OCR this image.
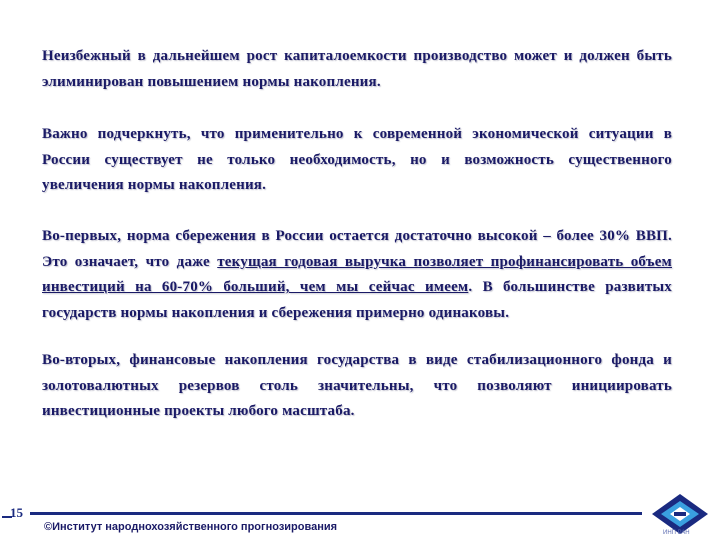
Неизбежный в дальнейшем рост капиталоемкости производство может и должен быть элиминирован повышением нормы накопления.
Важно подчеркнуть, что применительно к современной экономической ситуации в России существует не только необходимость, но и возможность существенного увеличения нормы накопления.
Во-первых, норма сбережения в России остается достаточно высокой – более 30% ВВП. Это означает, что даже текущая годовая выручка позволяет профинансировать объем инвестиций на 60-70% больший, чем мы сейчас имеем. В большинстве развитых государств нормы накопления и сбережения примерно одинаковы.
Во-вторых, финансовые накопления государства в виде стабилизационного фонда и золотовалютных резервов столь значительны, что позволяют инициировать инвестиционные проекты любого масштаба.
15
©Институт народнохозяйственного прогнозирования	ИНП РАН
